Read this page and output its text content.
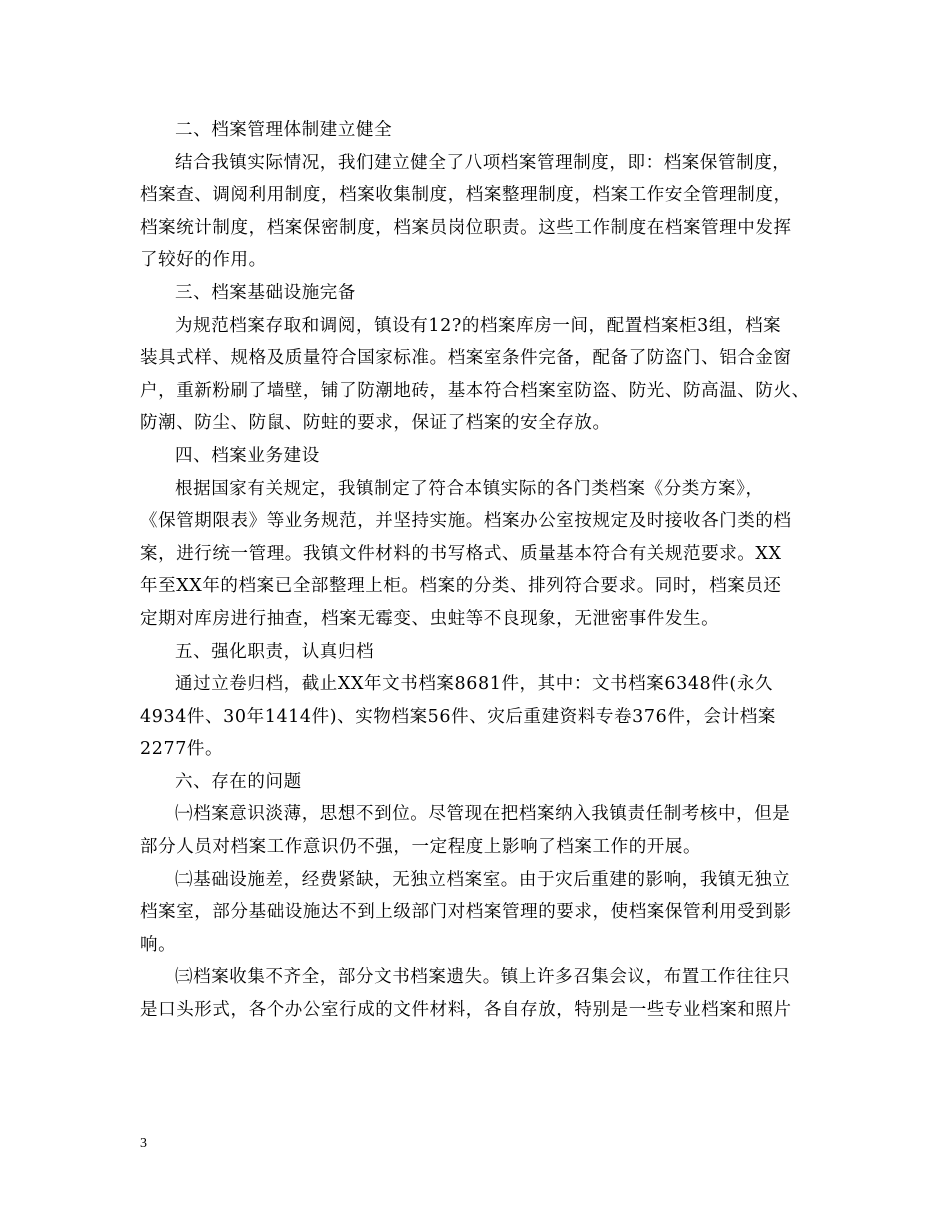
二、档案管理体制建立健全
结合我镇实际情况，我们建立健全了八项档案管理制度，即：档案保管制度，
档案查、调阅利用制度，档案收集制度，档案整理制度，档案工作安全管理制度，
档案统计制度，档案保密制度，档案员岗位职责。这些工作制度在档案管理中发挥
了较好的作用。
三、档案基础设施完备
为规范档案存取和调阅，镇设有12?的档案库房一间，配置档案柜3组，档案
装具式样、规格及质量符合国家标准。档案室条件完备，配备了防盗门、铝合金窗
户，重新粉刷了墙壁，铺了防潮地砖，基本符合档案室防盗、防光、防高温、防火、
防潮、防尘、防鼠、防蛀的要求，保证了档案的安全存放。
四、档案业务建设
根据国家有关规定，我镇制定了符合本镇实际的各门类档案《分类方案》，
《保管期限表》等业务规范，并坚持实施。档案办公室按规定及时接收各门类的档
案，进行统一管理。我镇文件材料的书写格式、质量基本符合有关规范要求。XX
年至XX年的档案已全部整理上柜。档案的分类、排列符合要求。同时，档案员还
定期对库房进行抽查，档案无霉变、虫蛀等不良现象，无泄密事件发生。
五、强化职责，认真归档
通过立卷归档，截止XX年文书档案8681件，其中：文书档案6348件(永久
4934件、30年1414件)、实物档案56件、灾后重建资料专卷376件，会计档案
2277件。
六、存在的问题
㈠档案意识淡薄，思想不到位。尽管现在把档案纳入我镇责任制考核中，但是
部分人员对档案工作意识仍不强，一定程度上影响了档案工作的开展。
㈡基础设施差，经费紧缺，无独立档案室。由于灾后重建的影响，我镇无独立
档案室，部分基础设施达不到上级部门对档案管理的要求，使档案保管利用受到影
响。
㈢档案收集不齐全，部分文书档案遗失。镇上许多召集会议，布置工作往往只
是口头形式，各个办公室行成的文件材料，各自存放，特别是一些专业档案和照片
3
